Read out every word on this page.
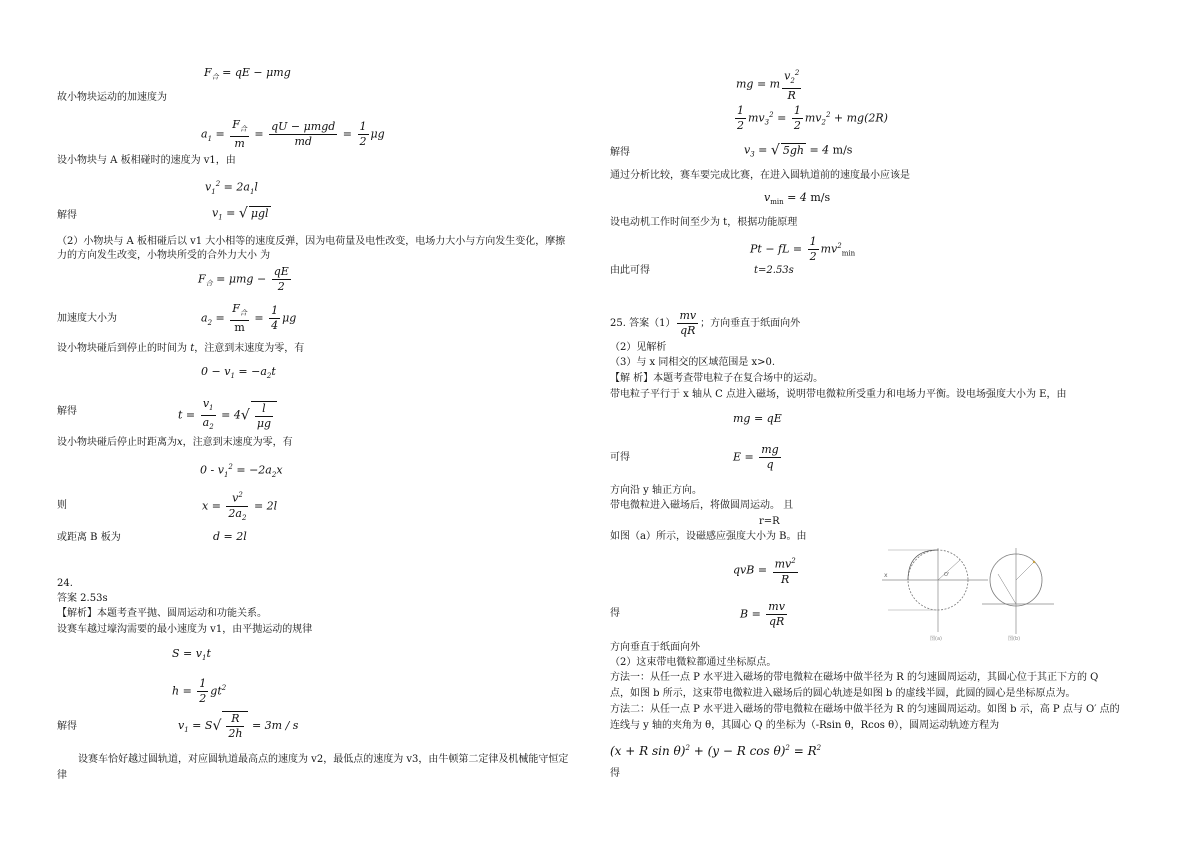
$F_合$ = qE − μmg
故小物块运动的加速度为
$a_1$ =
$F_合$
m
=
qU − μmgd
md
= $\frac{1}{2}$ μg
设小物块与 A 板相碰时的速度为 v1，由
$v_1^2 = 2a_1l$
解得	$v_1$ = √ μgl
（2）小物块与 A 板相碰后以 v1 大小相等的速度反弹，因为电荷量及电性改变，电场力大小与方向发生变化，摩擦
力的方向发生改变，小物块所受的合外力大小 为
$F_合 = \mu mg - \frac{qE}{2}$
加速度大小为	$a_2$ =
$F_合$
m
= $\frac{1}{4}$ μg
设小物块碰后到停止的时间为 t，注意到末速度为零，有
$0 - v_1 = -a_2t$
解得	$t = \frac{v_1}{a_2} = 4√ \frac{l}{\mu g}$
设小物块碰后停止时距离为x，注意到末速度为零，有
$0 - v_1^2 = -2a_2x$
则	$x = \frac{v^2}{2a_2} = 2l$
或距离 B 板为	d = 2l
24.
答案 2.53s
【解析】本题考查平抛、圆周运动和功能关系。
设赛车越过壕沟需要的最小速度为 v1，由平抛运动的规律
$S = v_1t$
$h = \frac{1}{2} gt^2$
解得	$v_1 = S√ \frac{R}{2h} = 3m / s$
设赛车恰好越过圆轨道，对应圆轨道最高点的速度为 v2，最低点的速度为 v3，由牛顿第二定律及机械能守恒定
律
mg = m $\frac{v_2^2}{R}$
$\frac{1}{2} mv_3^2 = \frac{1}{2} mv_2^2 + mg(2R)$
解得	$v_3$ = √ 5gh = 4 m/s
通过分析比较，赛车要完成比赛，在进入圆轨道前的速度最小应该是
$v_{min} = 4$ m/s
设电动机工作时间至少为 t，根据功能原理
Pt − fL = $\frac{1}{2} mv^2_{min}$
由此可得	t=2.53s
25. 答案$(1) \frac{mv}{qR}$ ；方向垂直于纸面向外
（2）见解析
（3）与 x 同相交的区域范围是 x>0.
【解 析】本题考查带电粒子在复合场中的运动。
带电粒子平行于 x 轴从 C 点进入磁场，说明带电微粒所受重力和电场力平衡。设电场强度大小为 E，由
mg = qE
可得	$E = \frac{mg}{q}$
方向沿 y 轴正方向。
带电微粒进入磁场后，将做圆周运动。 且
r=R
如图（a）所示，设磁感应强度大小为 B。由
qvB = $\frac{mv^2}{R}$
得	$B = \frac{mv}{qR}$
方向垂直于纸面向外
（2）这束带电微粒都通过坐标原点。
方法一：从任一点 P 水平进入磁场的带电微粒在磁场中做半径为 R 的匀速圆周运动，其圆心位于其正下方的 Q
点，如图 b 所示，这束带电微粒进入磁场后的圆心轨迹是如图 b 的虚线半圆，此圆的圆心是坐标原点为。
方法二：从任一点 P 水平进入磁场的带电微粒在磁场中做半径为 R 的匀速圆周运动。如图 b 示，高 P 点与 O′ 点的
连线与 y 轴的夹角为 θ，其圆心 Q 的坐标为（-Rsin θ，Rcos θ），圆周运动轨迹方程为
(x + R sin θ)$^2$ + (y − R $\cos \theta)^2 = R^2$
得
x	O'
图(a)	图(b)
